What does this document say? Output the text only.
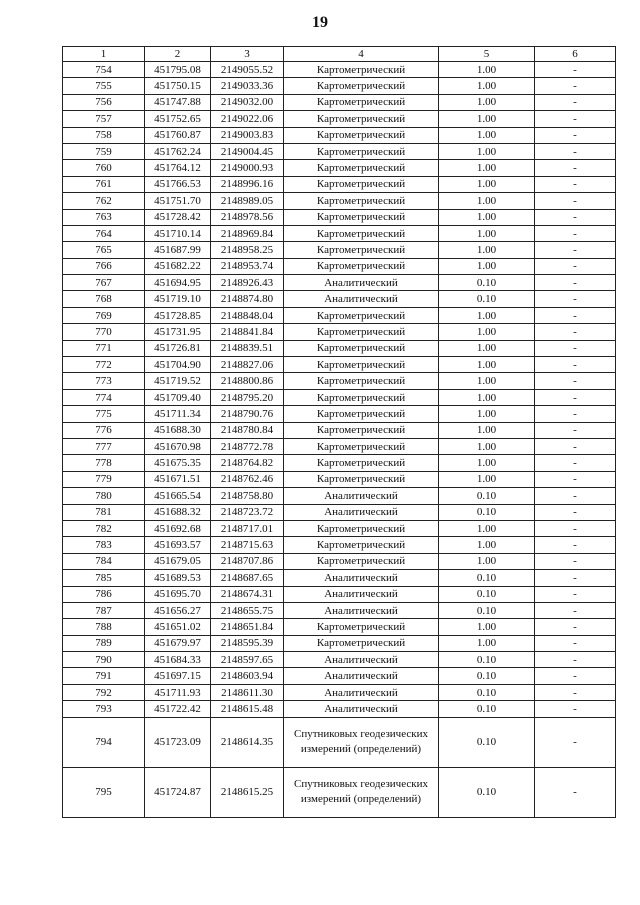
19
1	2	3	4	5	6
754	451795.08	2149055.52	Картометрический	1.00	-
755	451750.15	2149033.36	Картометрический	1.00	-
756	451747.88	2149032.00	Картометрический	1.00	-
757	451752.65	2149022.06	Картометрический	1.00	-
758	451760.87	2149003.83	Картометрический	1.00	-
759	451762.24	2149004.45	Картометрический	1.00	-
760	451764.12	2149000.93	Картометрический	1.00	-
761	451766.53	2148996.16	Картометрический	1.00	-
762	451751.70	2148989.05	Картометрический	1.00	-
763	451728.42	2148978.56	Картометрический	1.00	-
764	451710.14	2148969.84	Картометрический	1.00	-
765	451687.99	2148958.25	Картометрический	1.00	-
766	451682.22	2148953.74	Картометрический	1.00	-
767	451694.95	2148926.43	Аналитический	0.10	-
768	451719.10	2148874.80	Аналитический	0.10	-
769	451728.85	2148848.04	Картометрический	1.00	-
770	451731.95	2148841.84	Картометрический	1.00	-
771	451726.81	2148839.51	Картометрический	1.00	-
772	451704.90	2148827.06	Картометрический	1.00	-
773	451719.52	2148800.86	Картометрический	1.00	-
774	451709.40	2148795.20	Картометрический	1.00	-
775	451711.34	2148790.76	Картометрический	1.00	-
776	451688.30	2148780.84	Картометрический	1.00	-
777	451670.98	2148772.78	Картометрический	1.00	-
778	451675.35	2148764.82	Картометрический	1.00	-
779	451671.51	2148762.46	Картометрический	1.00	-
780	451665.54	2148758.80	Аналитический	0.10	-
781	451688.32	2148723.72	Аналитический	0.10	-
782	451692.68	2148717.01	Картометрический	1.00	-
783	451693.57	2148715.63	Картометрический	1.00	-
784	451679.05	2148707.86	Картометрический	1.00	-
785	451689.53	2148687.65	Аналитический	0.10	-
786	451695.70	2148674.31	Аналитический	0.10	-
787	451656.27	2148655.75	Аналитический	0.10	-
788	451651.02	2148651.84	Картометрический	1.00	-
789	451679.97	2148595.39	Картометрический	1.00	-
790	451684.33	2148597.65	Аналитический	0.10	-
791	451697.15	2148603.94	Аналитический	0.10	-
792	451711.93	2148611.30	Аналитический	0.10	-
793	451722.42	2148615.48	Аналитический	0.10	-
794	451723.09	2148614.35	Спутниковых геодезических измерений (определений)	0.10	-
795	451724.87	2148615.25	Спутниковых геодезических измерений (определений)	0.10	-
